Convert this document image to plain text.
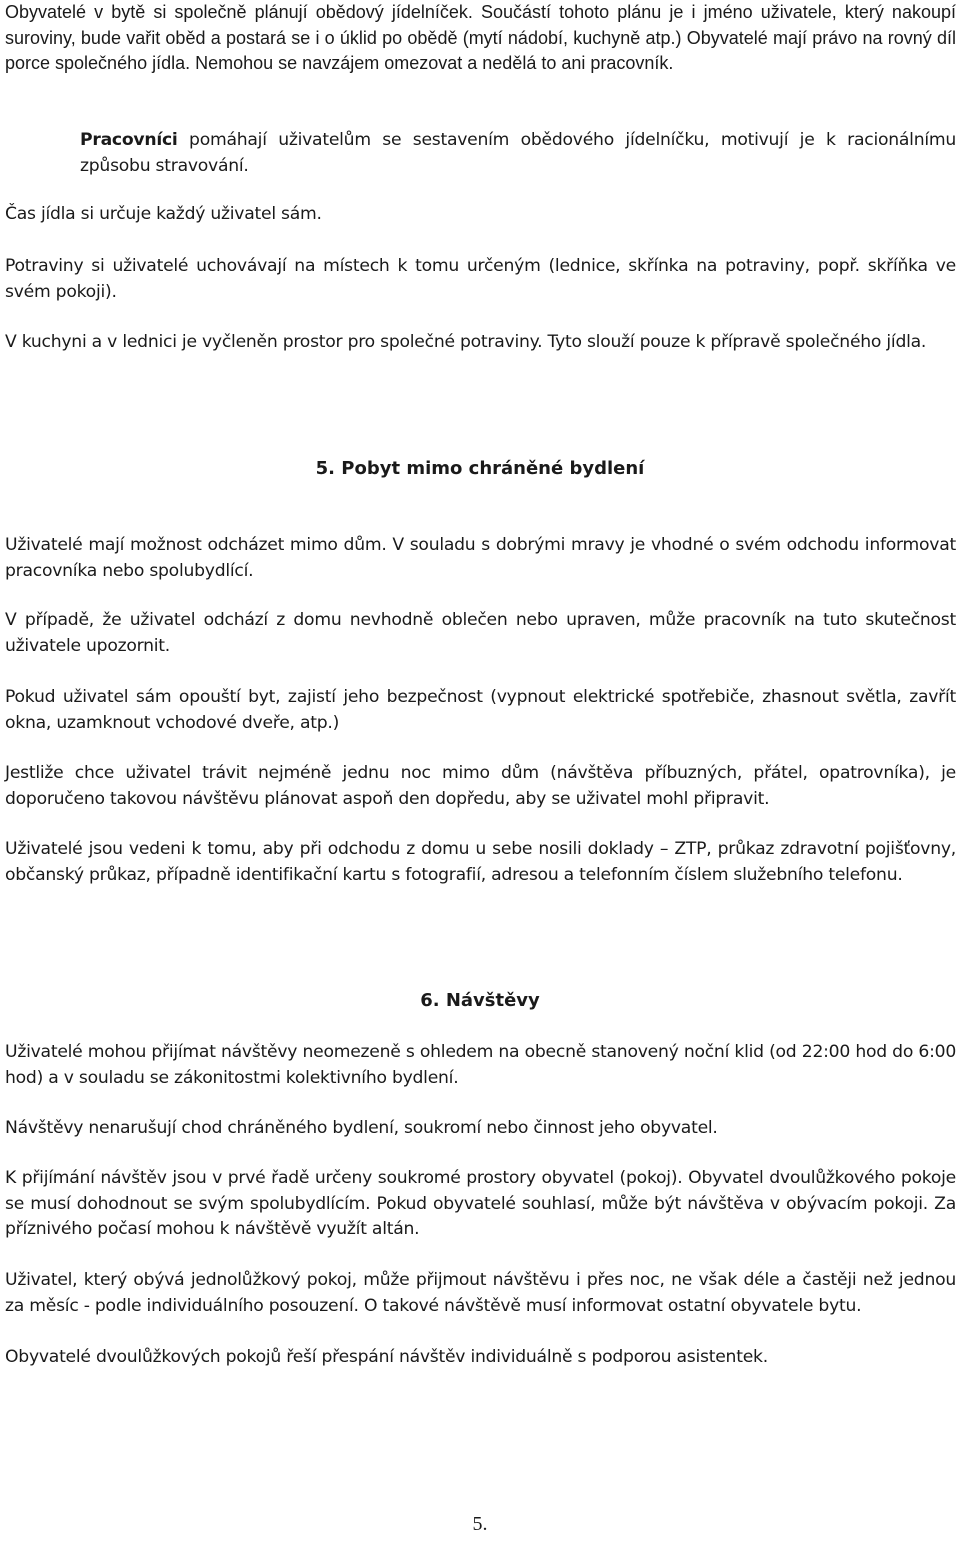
Obyvatelé v bytě si společně plánují obědový jídelníček. Součástí tohoto plánu je i jméno uživatele, který nakoupí suroviny, bude vařit oběd a postará se i o úklid po obědě (mytí nádobí, kuchyně atp.) Obyvatelé mají právo na rovný díl porce společného jídla. Nemohou se navzájem omezovat a nedělá to ani pracovník.

Pracovníci pomáhají uživatelům se sestavením obědového jídelníčku, motivují je k racionálnímu způsobu stravování.

Čas jídla si určuje každý uživatel sám.

Potraviny si uživatelé uchovávají na místech k tomu určeným (lednice, skřínka na potraviny, popř. skříňka ve svém pokoji).

V kuchyni a v lednici je vyčleněn prostor pro společné potraviny. Tyto slouží pouze k přípravě společného jídla.

5. Pobyt mimo chráněné bydlení

Uživatelé mají možnost odcházet mimo dům. V souladu s dobrými mravy je vhodné o svém odchodu informovat pracovníka nebo spolubydlící.

V případě, že uživatel odchází z domu nevhodně oblečen nebo upraven, může pracovník na tuto skutečnost uživatele upozornit.

Pokud uživatel sám opouští byt, zajistí jeho bezpečnost (vypnout elektrické spotřebiče, zhasnout světla, zavřít okna, uzamknout vchodové dveře, atp.)

Jestliže chce uživatel trávit nejméně jednu noc mimo dům (návštěva příbuzných, přátel, opatrovníka), je doporučeno takovou návštěvu plánovat aspoň den dopředu, aby se uživatel mohl připravit.

Uživatelé jsou vedeni k tomu, aby při odchodu z domu u sebe nosili doklady – ZTP, průkaz zdravotní pojišťovny, občanský průkaz, případně identifikační kartu s fotografií, adresou a telefonním číslem služebního telefonu.

6. Návštěvy

Uživatelé mohou přijímat návštěvy neomezeně s ohledem na obecně stanovený noční klid (od 22:00 hod do 6:00 hod) a v souladu se zákonitostmi kolektivního bydlení.

Návštěvy nenarušují chod chráněného bydlení, soukromí nebo činnost jeho obyvatel.

K přijímání návštěv jsou v prvé řadě určeny soukromé prostory obyvatel (pokoj). Obyvatel dvoulůžkového pokoje se musí dohodnout se svým spolubydlícím. Pokud obyvatelé souhlasí, může být návštěva v obývacím pokoji. Za příznivého počasí mohou k návštěvě využít altán.

Uživatel, který obývá jednolůžkový pokoj, může přijmout návštěvu i přes noc, ne však déle a častěji než jednou za měsíc - podle individuálního posouzení. O takové návštěvě musí informovat ostatní obyvatele bytu.

Obyvatelé dvoulůžkových pokojů řeší přespání návštěv individuálně s podporou asistentek.

5.
